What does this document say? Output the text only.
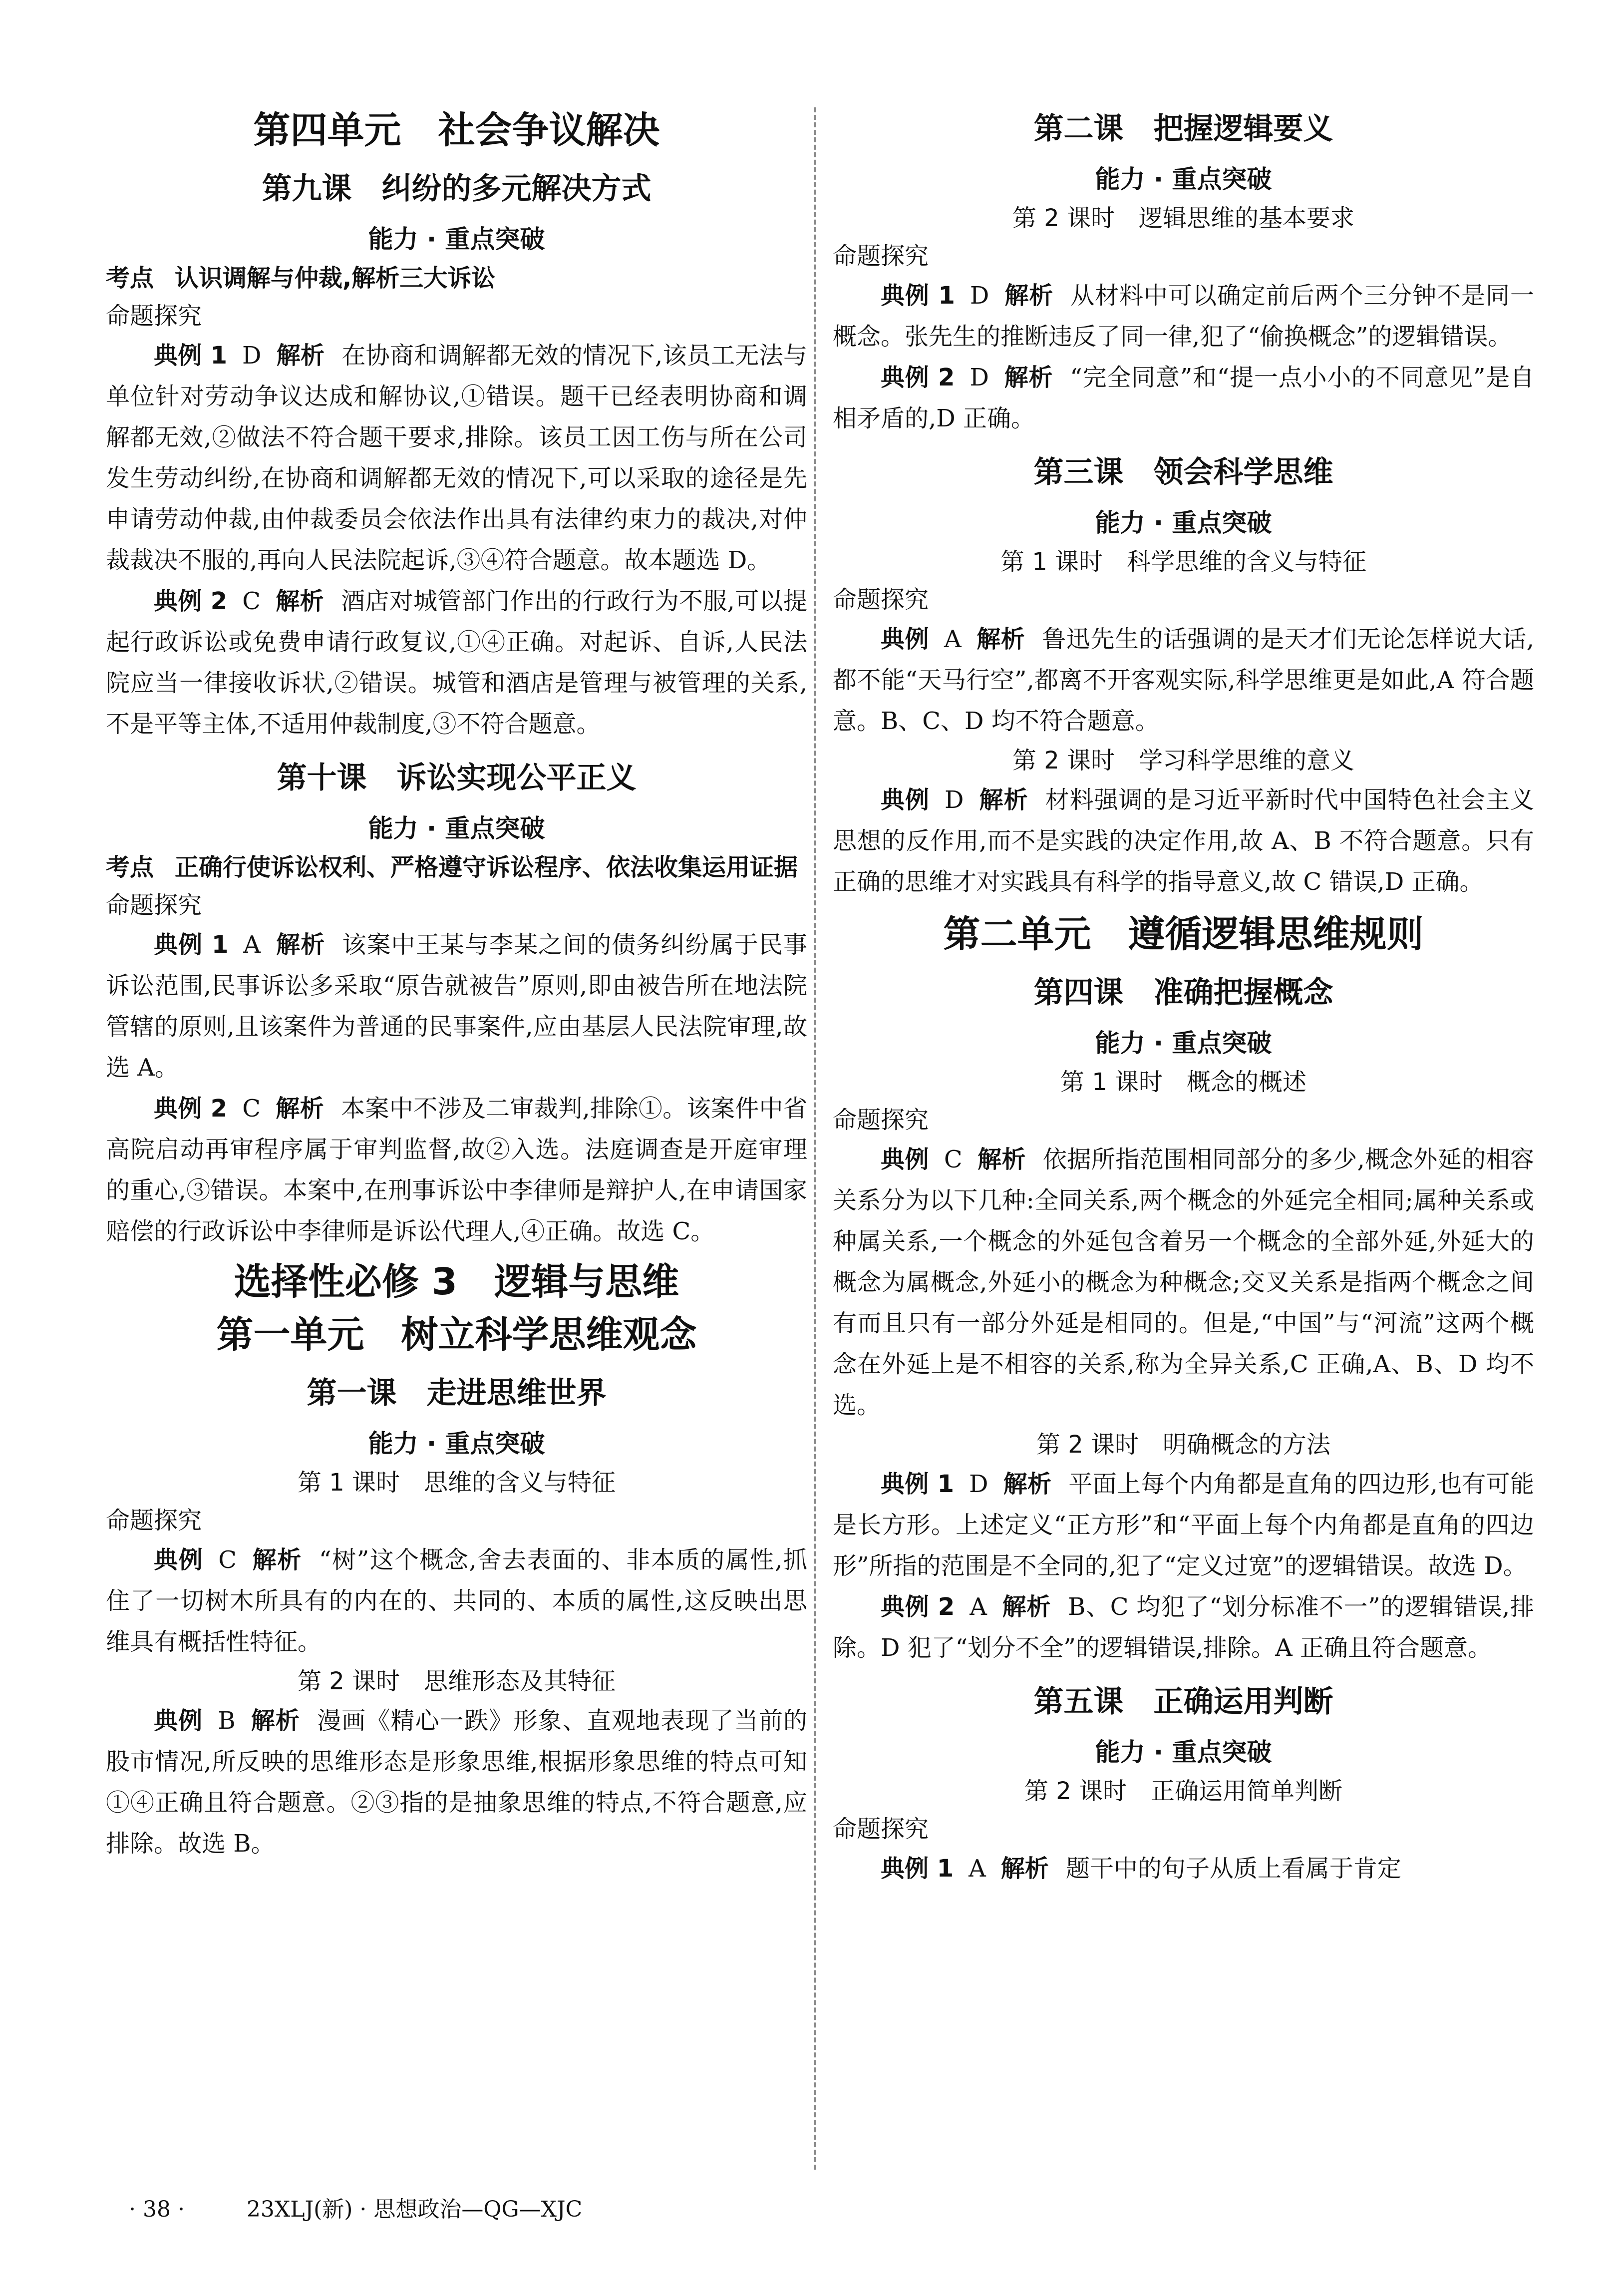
第四单元　社会争议解决
第九课　纠纷的多元解决方式
能力 · 重点突破
考点 认识调解与仲裁,解析三大诉讼
命题探究

典例 1 D 解析 在协商和调解都无效的情况下,该员工无法与单位针对劳动争议达成和解协议,①错误。题干已经表明协商和调解都无效,②做法不符合题干要求,排除。该员工因工伤与所在公司发生劳动纠纷,在协商和调解都无效的情况下,可以采取的途径是先申请劳动仲裁,由仲裁委员会依法作出具有法律约束力的裁决,对仲裁裁决不服的,再向人民法院起诉,③④符合题意。故本题选 D。

典例 2 C 解析 酒店对城管部门作出的行政行为不服,可以提起行政诉讼或免费申请行政复议,①④正确。对起诉、自诉,人民法院应当一律接收诉状,②错误。城管和酒店是管理与被管理的关系,不是平等主体,不适用仲裁制度,③不符合题意。

第十课　诉讼实现公平正义
能力 · 重点突破
考点 正确行使诉讼权利、严格遵守诉讼程序、依法收集运用证据
命题探究

典例 1 A 解析 该案中王某与李某之间的债务纠纷属于民事诉讼范围,民事诉讼多采取“原告就被告”原则,即由被告所在地法院管辖的原则,且该案件为普通的民事案件,应由基层人民法院审理,故选 A。

典例 2 C 解析 本案中不涉及二审裁判,排除①。该案件中省高院启动再审程序属于审判监督,故②入选。法庭调查是开庭审理的重心,③错误。本案中,在刑事诉讼中李律师是辩护人,在申请国家赔偿的行政诉讼中李律师是诉讼代理人,④正确。故选 C。

选择性必修 3　逻辑与思维
第一单元　树立科学思维观念
第一课　走进思维世界
能力 · 重点突破
第 1 课时　思维的含义与特征
命题探究

典例 C 解析 “树”这个概念,舍去表面的、非本质的属性,抓住了一切树木所具有的内在的、共同的、本质的属性,这反映出思维具有概括性特征。

第 2 课时　思维形态及其特征

典例 B 解析 漫画《精心一跌》形象、直观地表现了当前的股市情况,所反映的思维形态是形象思维,根据形象思维的特点可知①④正确且符合题意。②③指的是抽象思维的特点,不符合题意,应排除。故选 B。

第二课　把握逻辑要义
能力 · 重点突破
第 2 课时　逻辑思维的基本要求
命题探究

典例 1 D 解析 从材料中可以确定前后两个三分钟不是同一概念。张先生的推断违反了同一律,犯了“偷换概念”的逻辑错误。

典例 2 D 解析 “完全同意”和“提一点小小的不同意见”是自相矛盾的,D 正确。

第三课　领会科学思维
能力 · 重点突破
第 1 课时　科学思维的含义与特征
命题探究

典例 A 解析 鲁迅先生的话强调的是天才们无论怎样说大话,都不能“天马行空”,都离不开客观实际,科学思维更是如此,A 符合题意。B、C、D 均不符合题意。

第 2 课时　学习科学思维的意义

典例 D 解析 材料强调的是习近平新时代中国特色社会主义思想的反作用,而不是实践的决定作用,故 A、B 不符合题意。只有正确的思维才对实践具有科学的指导意义,故 C 错误,D 正确。

第二单元　遵循逻辑思维规则
第四课　准确把握概念
能力 · 重点突破
第 1 课时　概念的概述
命题探究

典例 C 解析 依据所指范围相同部分的多少,概念外延的相容关系分为以下几种:全同关系,两个概念的外延完全相同;属种关系或种属关系,一个概念的外延包含着另一个概念的全部外延,外延大的概念为属概念,外延小的概念为种概念;交叉关系是指两个概念之间有而且只有一部分外延是相同的。但是,“中国”与“河流”这两个概念在外延上是不相容的关系,称为全异关系,C 正确,A、B、D 均不选。

第 2 课时　明确概念的方法

典例 1 D 解析 平面上每个内角都是直角的四边形,也有可能是长方形。上述定义“正方形”和“平面上每个内角都是直角的四边形”所指的范围是不全同的,犯了“定义过宽”的逻辑错误。故选 D。

典例 2 A 解析 B、C 均犯了“划分标准不一”的逻辑错误,排除。D 犯了“划分不全”的逻辑错误,排除。A 正确且符合题意。

第五课　正确运用判断
能力 · 重点突破
第 2 课时　正确运用简单判断
命题探究

典例 1 A 解析 题干中的句子从质上看属于肯定

· 38 ·	23XLJ(新) · 思想政治—QG—XJC
